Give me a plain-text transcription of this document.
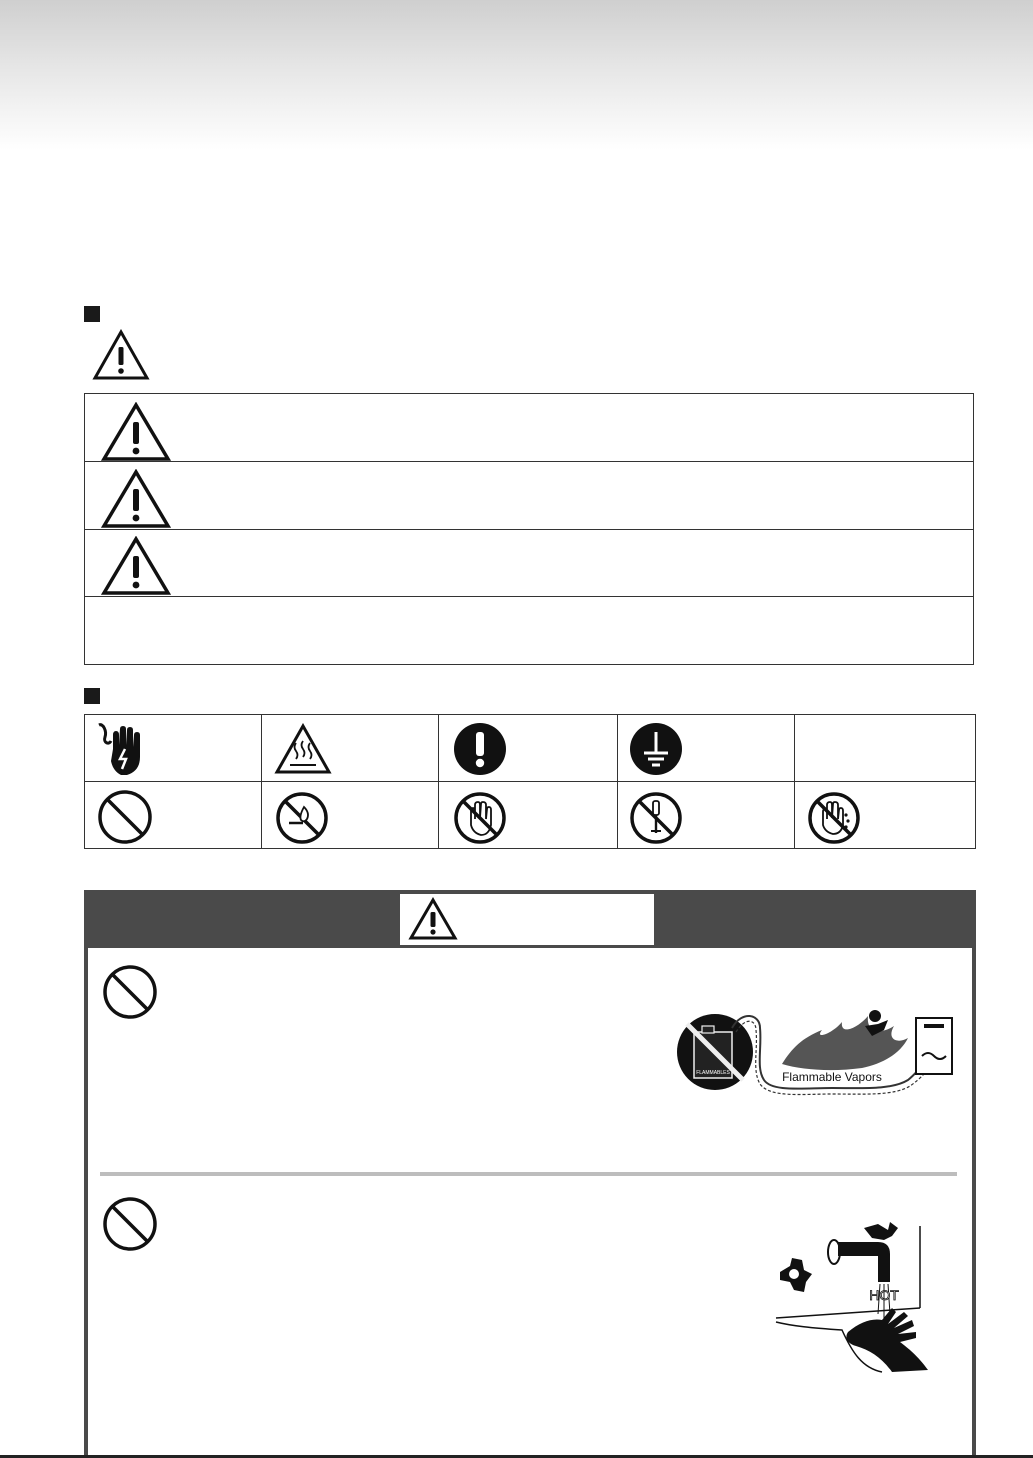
FLAMMABLES	Flammable Vapors
HOT
